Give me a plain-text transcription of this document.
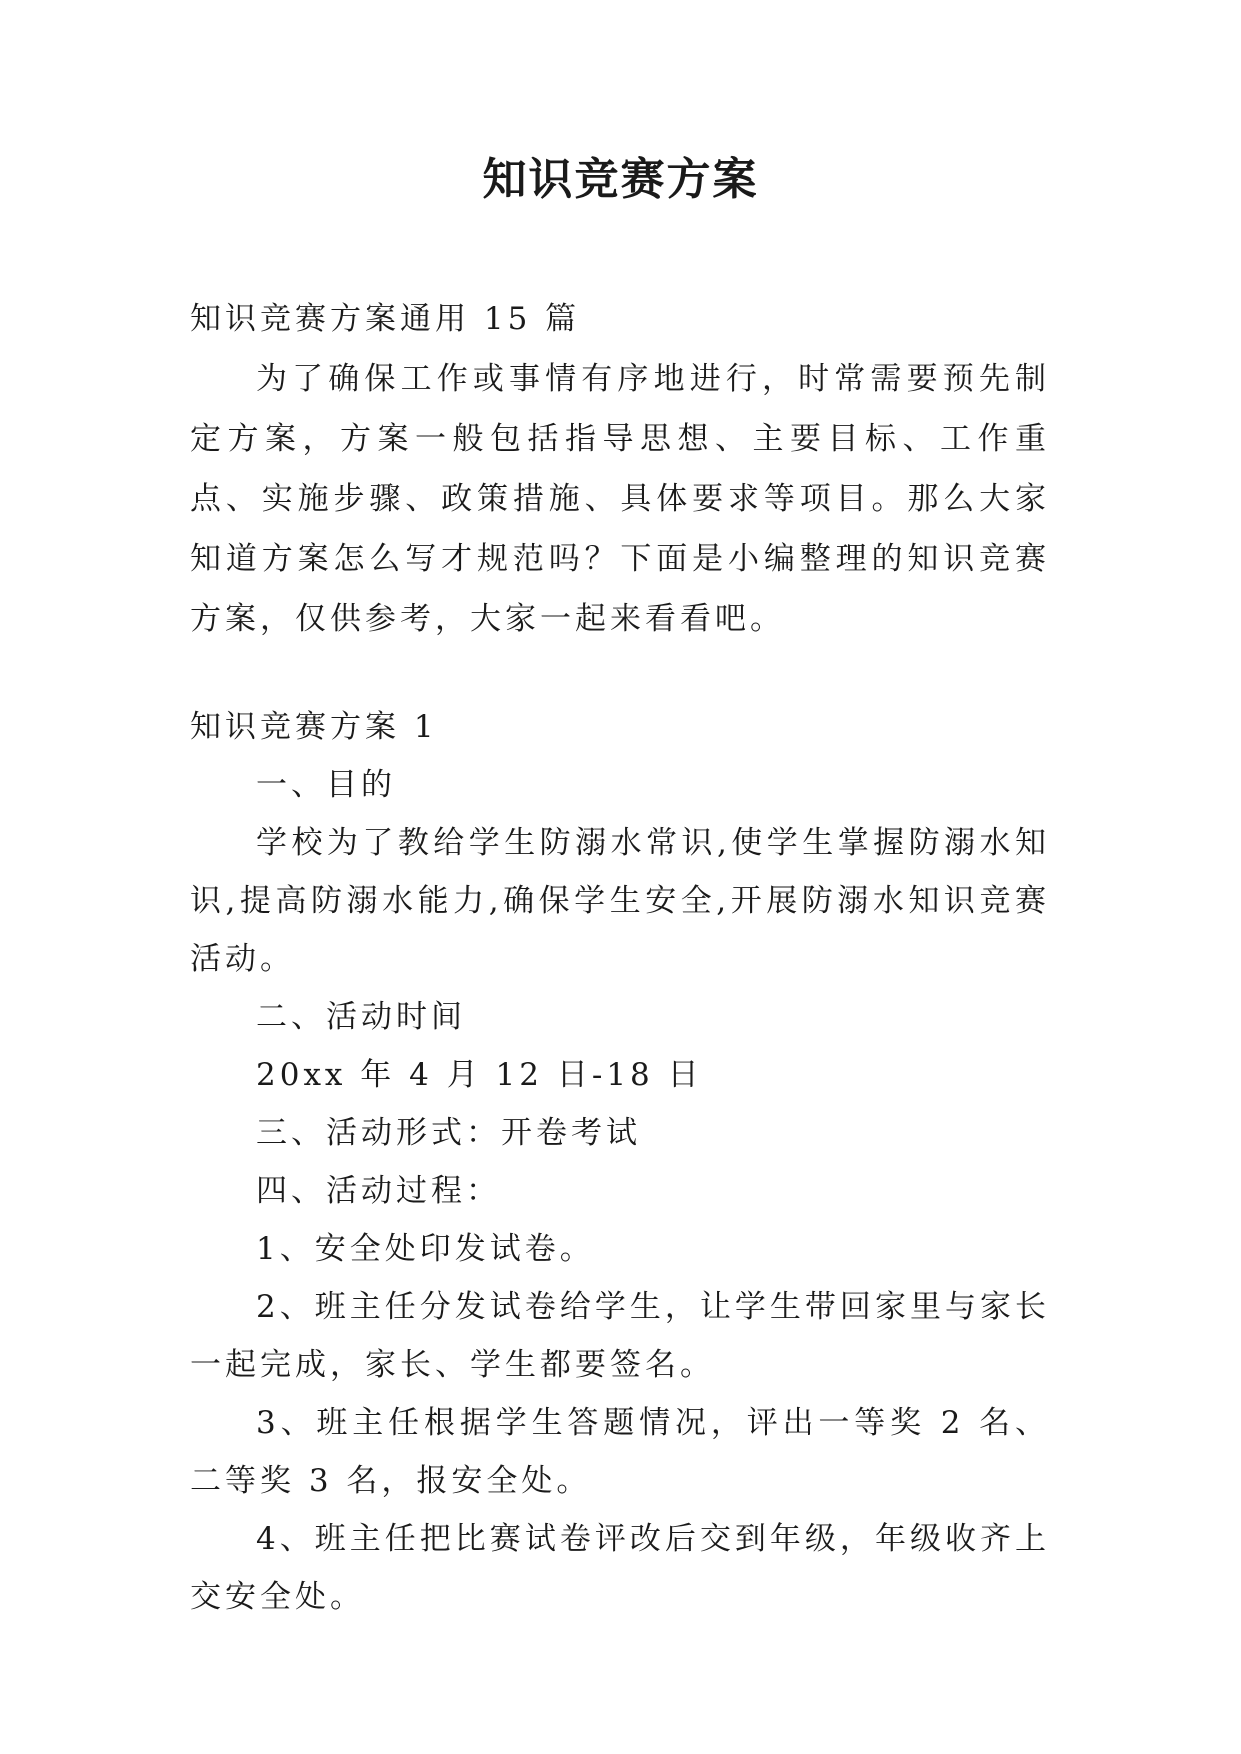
知识竞赛方案

知识竞赛方案通用 15 篇

为了确保工作或事情有序地进行，时常需要预先制定方案，方案一般包括指导思想、主要目标、工作重点、实施步骤、政策措施、具体要求等项目。那么大家知道方案怎么写才规范吗？下面是小编整理的知识竞赛方案，仅供参考，大家一起来看看吧。

知识竞赛方案 1

一、目的

学校为了教给学生防溺水常识,使学生掌握防溺水知识,提高防溺水能力,确保学生安全,开展防溺水知识竞赛活动。

二、活动时间

20xx 年 4 月 12 日-18 日

三、活动形式：开卷考试

四、活动过程：

1、安全处印发试卷。

2、班主任分发试卷给学生，让学生带回家里与家长一起完成，家长、学生都要签名。

3、班主任根据学生答题情况，评出一等奖 2 名、二等奖 3 名，报安全处。

4、班主任把比赛试卷评改后交到年级，年级收齐上交安全处。
